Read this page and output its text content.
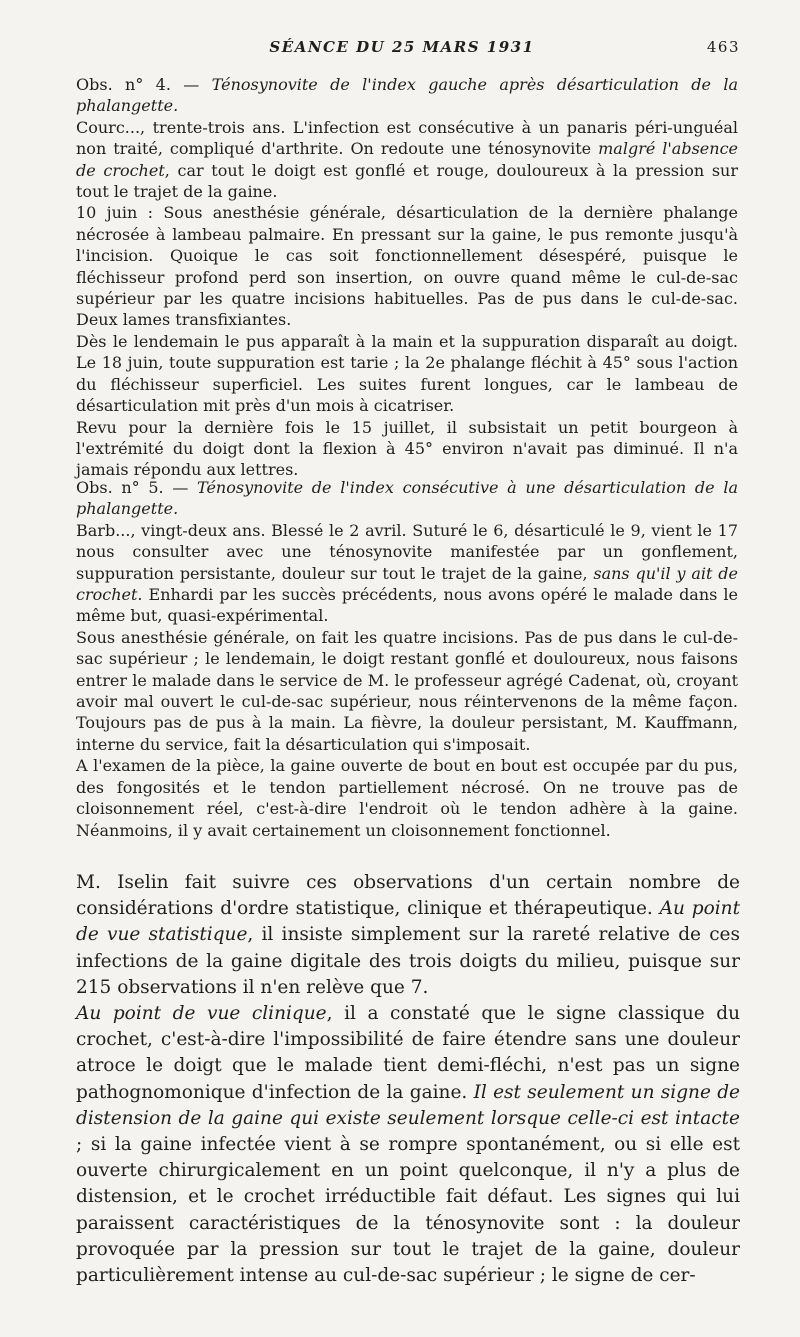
SÉANCE DU 25 MARS 1931	463

Obs. n° 4. — Ténosynovite de l'index gauche après désarticulation de la phalangette.

Courc..., trente-trois ans. L'infection est consécutive à un panaris péri-unguéal non traité, compliqué d'arthrite. On redoute une ténosynovite malgré l'absence de crochet, car tout le doigt est gonflé et rouge, douloureux à la pression sur tout le trajet de la gaine.

10 juin : Sous anesthésie générale, désarticulation de la dernière phalange nécrosée à lambeau palmaire. En pressant sur la gaine, le pus remonte jusqu'à l'incision. Quoique le cas soit fonctionnellement désespéré, puisque le fléchisseur profond perd son insertion, on ouvre quand même le cul-de-sac supérieur par les quatre incisions habituelles. Pas de pus dans le cul-de-sac. Deux lames transfixiantes.

Dès le lendemain le pus apparaît à la main et la suppuration disparaît au doigt. Le 18 juin, toute suppuration est tarie ; la 2e phalange fléchit à 45° sous l'action du fléchisseur superficiel. Les suites furent longues, car le lambeau de désarticulation mit près d'un mois à cicatriser.

Revu pour la dernière fois le 15 juillet, il subsistait un petit bourgeon à l'extrémité du doigt dont la flexion à 45° environ n'avait pas diminué. Il n'a jamais répondu aux lettres.

Obs. n° 5. — Ténosynovite de l'index consécutive à une désarticulation de la phalangette.

Barb..., vingt-deux ans. Blessé le 2 avril. Suturé le 6, désarticulé le 9, vient le 17 nous consulter avec une ténosynovite manifestée par un gonflement, suppuration persistante, douleur sur tout le trajet de la gaine, sans qu'il y ait de crochet. Enhardi par les succès précédents, nous avons opéré le malade dans le même but, quasi-expérimental.

Sous anesthésie générale, on fait les quatre incisions. Pas de pus dans le cul-de-sac supérieur ; le lendemain, le doigt restant gonflé et douloureux, nous faisons entrer le malade dans le service de M. le professeur agrégé Cadenat, où, croyant avoir mal ouvert le cul-de-sac supérieur, nous réintervenons de la même façon. Toujours pas de pus à la main. La fièvre, la douleur persistant, M. Kauffmann, interne du service, fait la désarticulation qui s'imposait.

A l'examen de la pièce, la gaine ouverte de bout en bout est occupée par du pus, des fongosités et le tendon partiellement nécrosé. On ne trouve pas de cloisonnement réel, c'est-à-dire l'endroit où le tendon adhère à la gaine. Néanmoins, il y avait certainement un cloisonnement fonctionnel.

M. Iselin fait suivre ces observations d'un certain nombre de considérations d'ordre statistique, clinique et thérapeutique. Au point de vue statistique, il insiste simplement sur la rareté relative de ces infections de la gaine digitale des trois doigts du milieu, puisque sur 215 observations il n'en relève que 7.

Au point de vue clinique, il a constaté que le signe classique du crochet, c'est-à-dire l'impossibilité de faire étendre sans une douleur atroce le doigt que le malade tient demi-fléchi, n'est pas un signe pathognomonique d'infection de la gaine. Il est seulement un signe de distension de la gaine qui existe seulement lorsque celle-ci est intacte ; si la gaine infectée vient à se rompre spontanément, ou si elle est ouverte chirurgicalement en un point quelconque, il n'y a plus de distension, et le crochet irréductible fait défaut. Les signes qui lui paraissent caractéristiques de la ténosynovite sont : la douleur provoquée par la pression sur tout le trajet de la gaine, douleur particulièrement intense au cul-de-sac supérieur ; le signe de cer-
